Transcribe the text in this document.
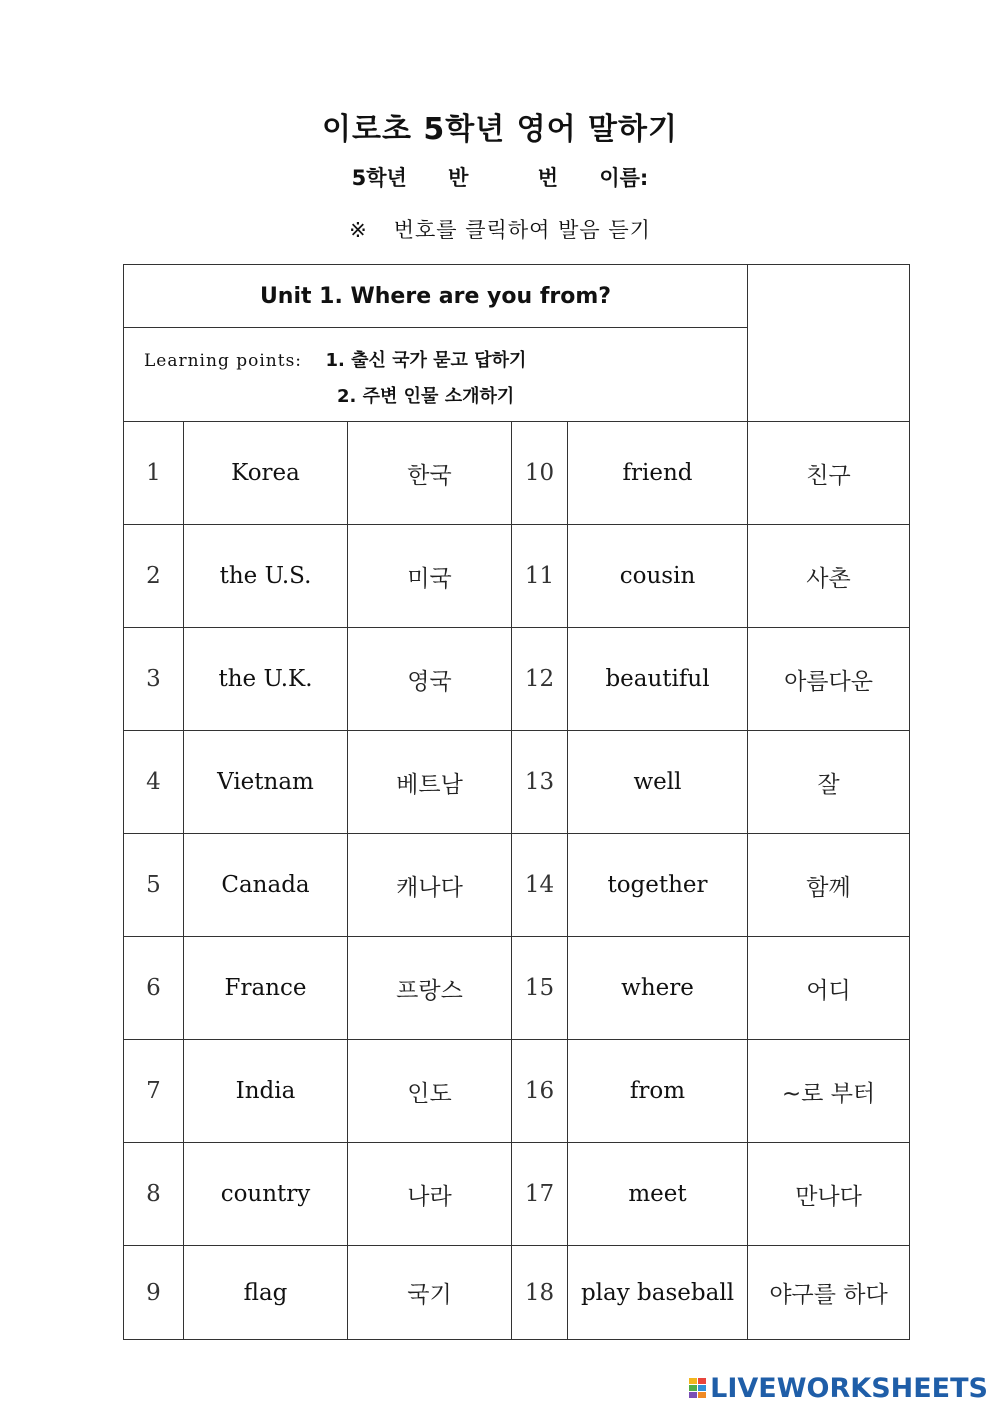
이로초 5학년 영어 말하기
5학년 반	번 이름:
※ 번호를 클릭하여 발음 듣기
Unit 1. Where are you from?					

Learning points: 1. 출신 국가 묻고 답하기
2. 주변 인물 소개하기					

1	Korea	한국	10	friend	친구
2	the U.S.	미국	11	cousin	사촌
3	the U.K.	영국	12	beautiful	아름다운
4	Vietnam	베트남	13	well	잘
5	Canada	캐나다	14	together	함께
6	France	프랑스	15	where	어디
7	India	인도	16	from	~로 부터
8	country	나라	17	meet	만나다
9	flag	국기	18	play baseball	야구를 하다
LIVEWORKSHEETS
